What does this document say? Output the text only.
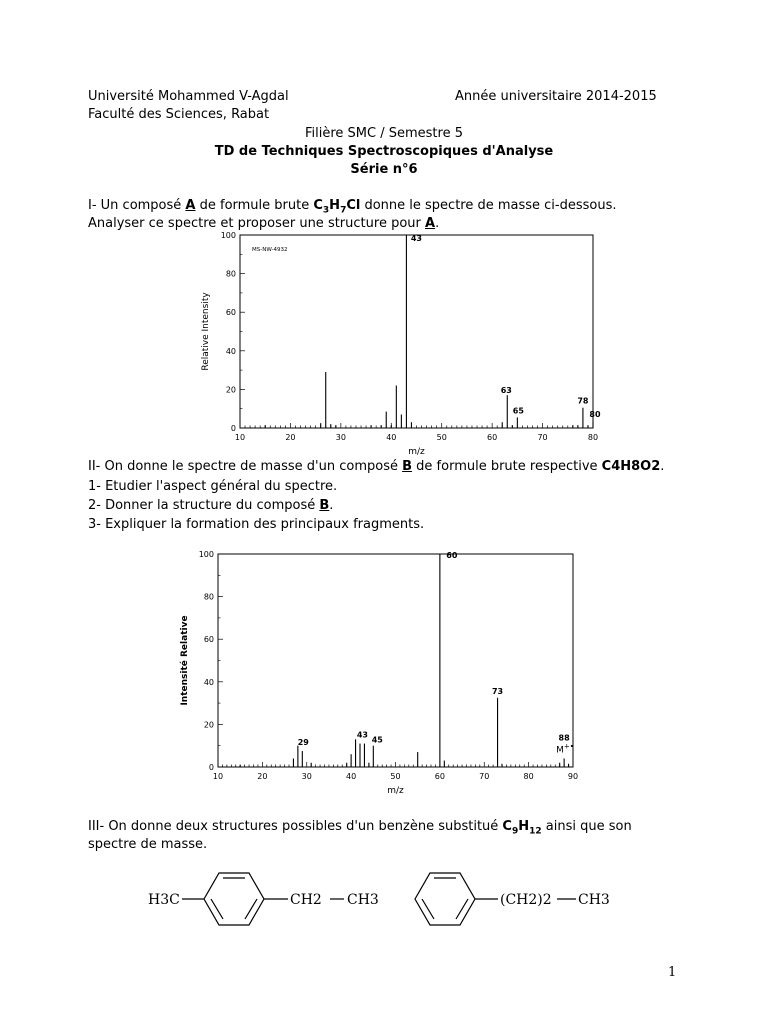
Université Mohammed V-Agdal	Année universitaire 2014-2015
Faculté des Sciences, Rabat
Filière SMC / Semestre 5
TD de Techniques Spectroscopiques d'Analyse
Série n°6
I- Un composé A de formule brute $C_3H_7Cl$ donne le spectre de masse ci-dessous.
Analyser ce spectre et proposer une structure pour A.
10	20	30	40	50	60	70	80
0
20
40
60
80
100	43
63
65
78
80
m/z
Relative Intensity
MS-NW-4932
II- On donne le spectre de masse d'un composé B de formule brute respective C4H8O2.
1- Etudier l'aspect général du spectre.
2- Donner la structure du composé B.
3- Expliquer la formation des principaux fragments.
10	20	30	40	50	60	70	80	90
0
20
40
60
80
100
29
43
45
60
73
88
m/z
Intensité Relative
M+•
III- On donne deux structures possibles d'un benzène substitué $C_9H_{12}$ ainsi que son
spectre de masse.
H3C	CH2 CH3	(CH2)2 CH3
1
